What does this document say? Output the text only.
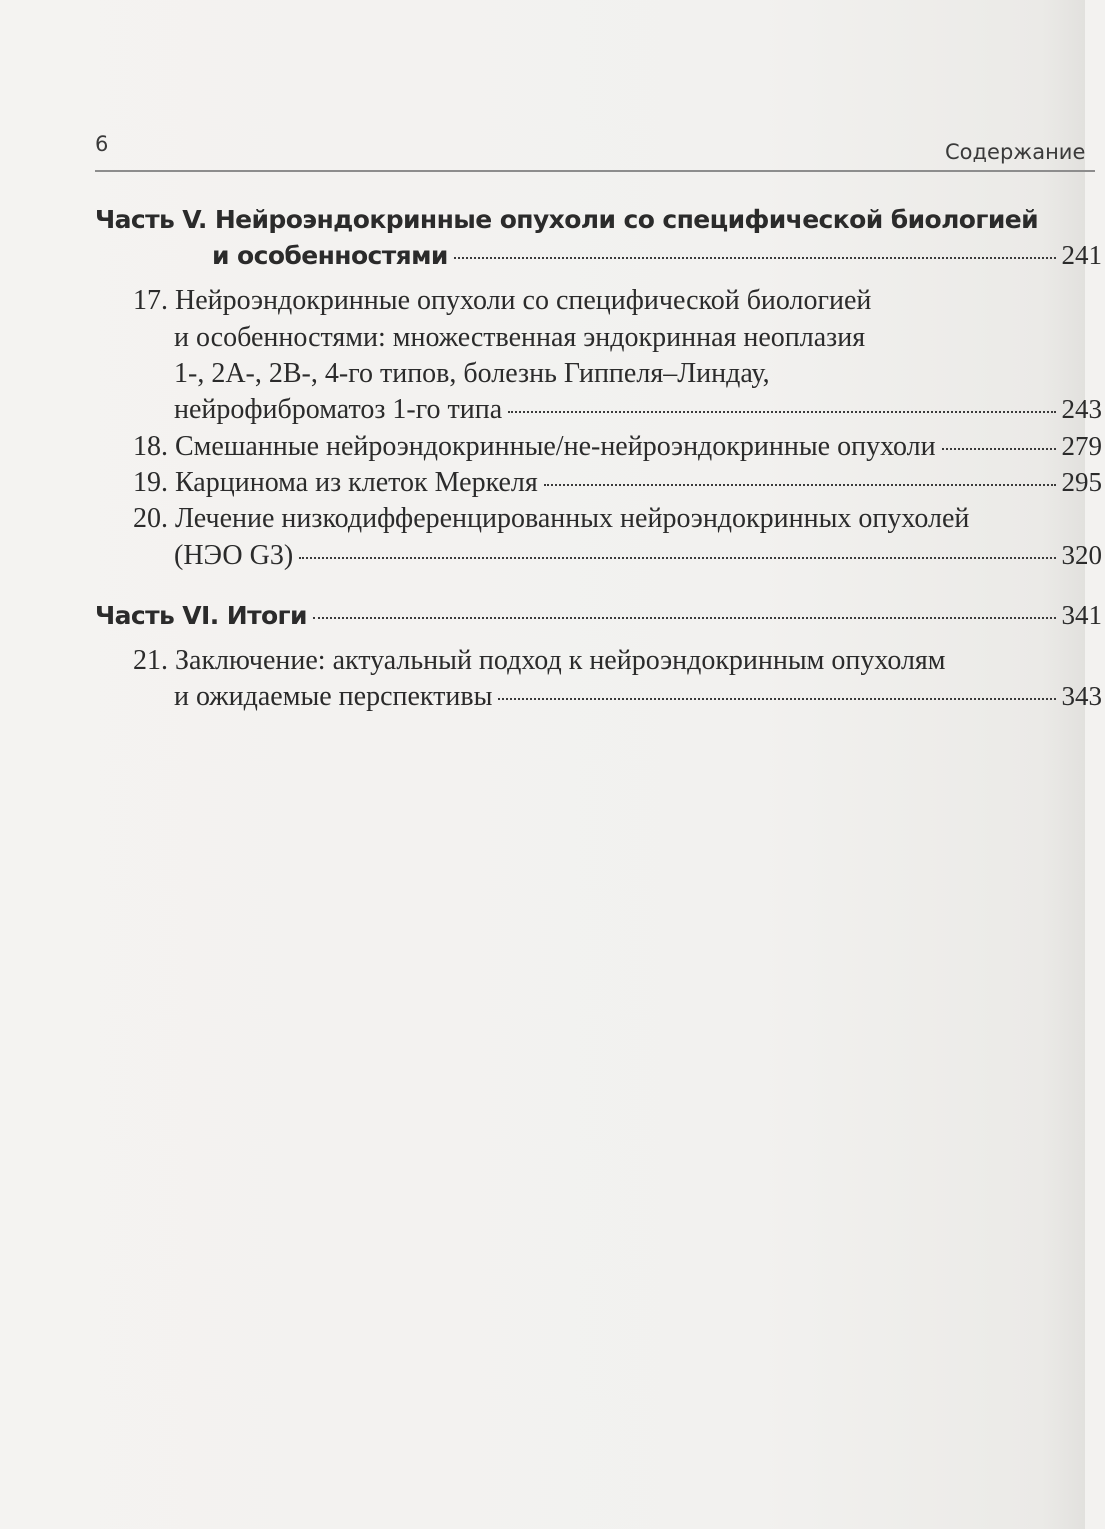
6	Содержание
Часть V. Нейроэндокринные опухоли со специфической биологией
и особенностями	241
17. Нейроэндокринные опухоли со специфической биологией
и особенностями: множественная эндокринная неоплазия
1-, 2А-, 2В-, 4-го типов, болезнь Гиппеля–Линдау,
нейрофиброматоз 1-го типа	243
18. Смешанные нейроэндокринные/не-нейроэндокринные опухоли	279
19. Карцинома из клеток Меркеля	295
20. Лечение низкодифференцированных нейроэндокринных опухолей
(НЭО G3)	320
Часть VI. Итоги	341
21. Заключение: актуальный подход к нейроэндокринным опухолям
и ожидаемые перспективы	343
